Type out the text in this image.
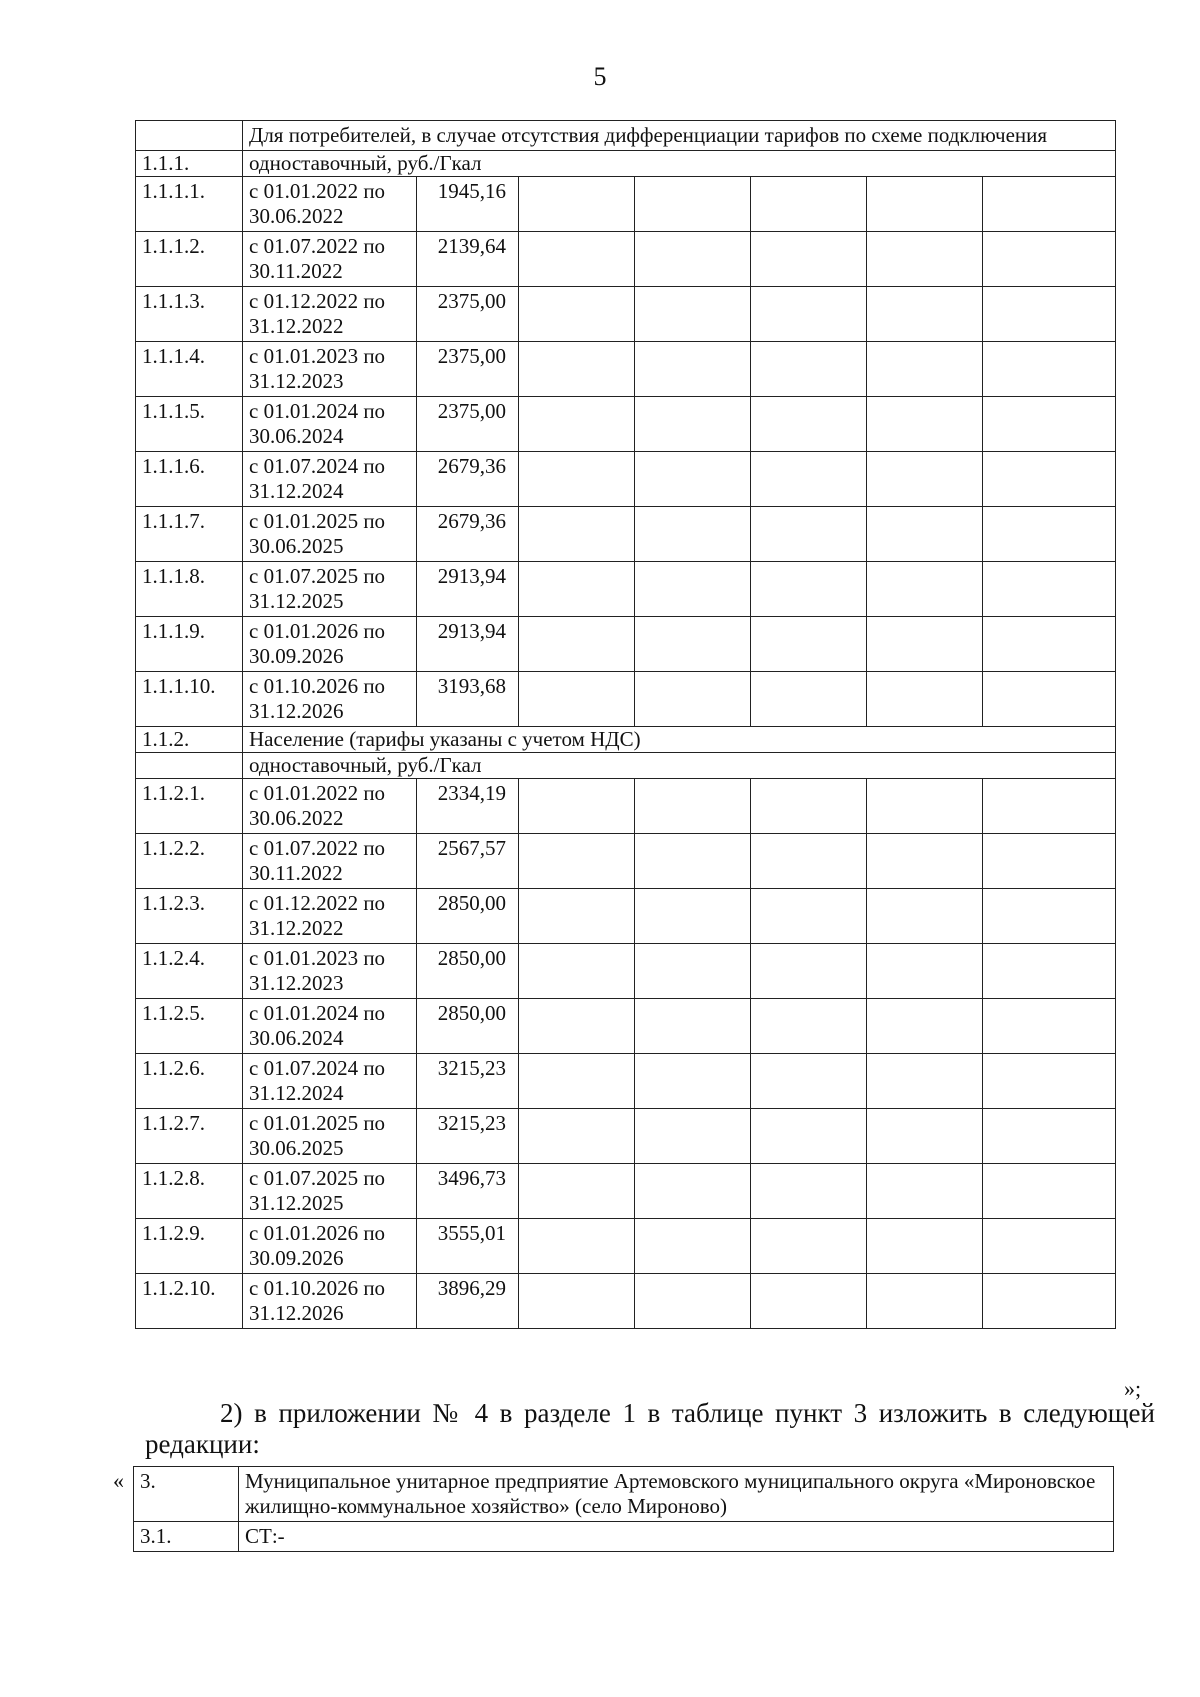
5
	Для потребителей, в случае отсутствия дифференциации тарифов по схеме подключения						
1.1.1.	одноставочный, руб./Гкал						
1.1.1.1.	с 01.01.2022 по 30.06.2022	1945,16					
1.1.1.2.	с 01.07.2022 по 30.11.2022	2139,64					
1.1.1.3.	с 01.12.2022 по 31.12.2022	2375,00					
1.1.1.4.	с 01.01.2023 по 31.12.2023	2375,00					
1.1.1.5.	с 01.01.2024 по 30.06.2024	2375,00					
1.1.1.6.	с 01.07.2024 по 31.12.2024	2679,36					
1.1.1.7.	с 01.01.2025 по 30.06.2025	2679,36					
1.1.1.8.	с 01.07.2025 по 31.12.2025	2913,94					
1.1.1.9.	с 01.01.2026 по 30.09.2026	2913,94					
1.1.1.10.	с 01.10.2026 по 31.12.2026	3193,68					
1.1.2.	Население (тарифы указаны с учетом НДС)						
	одноставочный, руб./Гкал						
1.1.2.1.	с 01.01.2022 по 30.06.2022	2334,19					
1.1.2.2.	с 01.07.2022 по 30.11.2022	2567,57					
1.1.2.3.	с 01.12.2022 по 31.12.2022	2850,00					
1.1.2.4.	с 01.01.2023 по 31.12.2023	2850,00					
1.1.2.5.	с 01.01.2024 по 30.06.2024	2850,00					
1.1.2.6.	с 01.07.2024 по 31.12.2024	3215,23					
1.1.2.7.	с 01.01.2025 по 30.06.2025	3215,23					
1.1.2.8.	с 01.07.2025 по 31.12.2025	3496,73					
1.1.2.9.	с 01.01.2026 по 30.09.2026	3555,01					
1.1.2.10.	с 01.10.2026 по 31.12.2026	3896,29					
»;
2) в приложении № 4 в разделе 1 в таблице пункт 3 изложить в следующей редакции:
« 3.	Муниципальное унитарное предприятие Артемовского муниципального округа «Мироновское жилищно-коммунальное хозяйство» (село Мироново)
3.1.	СТ:-
